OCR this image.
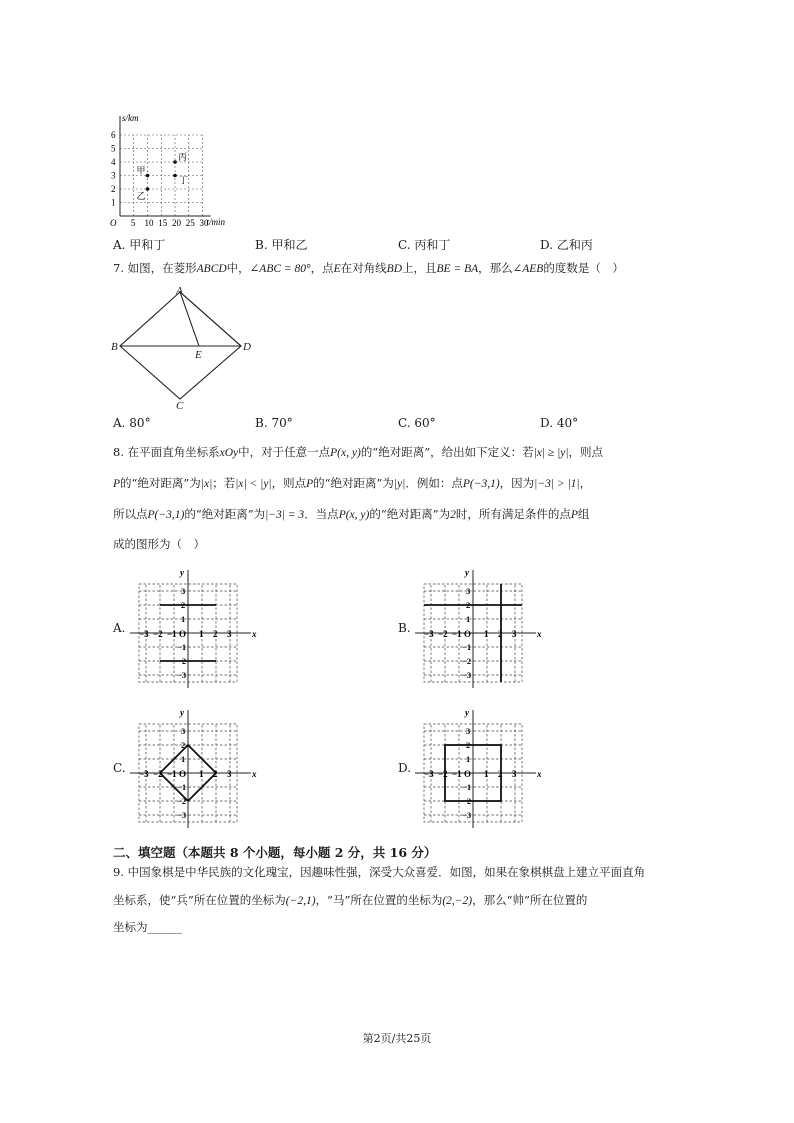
s/km
t/min
O
1
2
3
4
5
6
5 10 15 20 25 30
甲
乙
丙
丁
A. 甲和丁	B. 甲和乙	C. 丙和丁	D. 乙和丙
7. 如图，在菱形ABCD中，∠ABC = 80°，点E在对角线BD上，且BE = BA，那么∠AEB的度数是（　）
A
B
E
D
C
A. 80°	B. 70°	C. 60°	D. 40°
8. 在平面直角坐标系xOy中，对于任意一点P(x, y)的“绝对距离”，给出如下定义：若|x| ≥ |y|，则点
P的“绝对距离”为|x|；若|x| < |y|，则点P的“绝对距离”为|y|．例如：点P(−3,1)，因为|−3| > |1|，
所以点P(−3,1)的“绝对距离”为|−3| = 3．当点P(x, y)的“绝对距离”为2时，所有满足条件的点P组
成的图形为（　）
A.	B.
C.	D.
y
x
−3 −2 −1 O 1 2 3
3
2
1
−1
−2
−3
y
x
−3 −2 −1 O 1 2 3
3
2
1
−1
−2
−3
y
x
−3 −2 −1 O 1 2 3
3
2
1
−1
−2
−3
y
x
−3 −2 −1 O 1 2 3
3
2
1
−1
−2
−3
二、填空题（本题共 8 个小题，每小题 2 分，共 16 分）
9. 中国象棋是中华民族的文化瑰宝，因趣味性强，深受大众喜爱．如图，如果在象棋棋盘上建立平面直角
坐标系，使“兵”所在位置的坐标为(−2,1)，“马”所在位置的坐标为(2,−2)，那么“帅”所在位置的
坐标为______
第2页/共25页
